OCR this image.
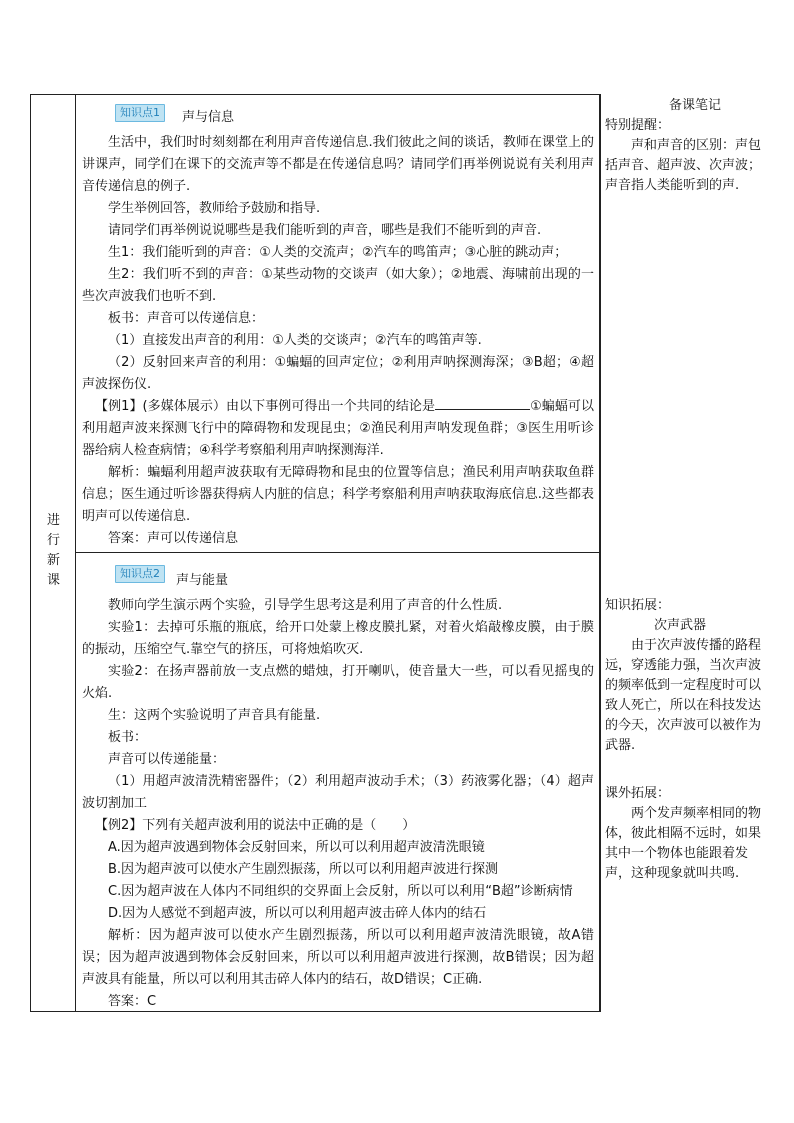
进
行
新
课
知识点1	声与信息

生活中，我们时时刻刻都在利用声音传递信息.我们彼此之间的谈话，教师在课堂上的讲课声，同学们在课下的交流声等不都是在传递信息吗？请同学们再举例说说有关利用声音传递信息的例子.

学生举例回答，教师给予鼓励和指导.

请同学们再举例说说哪些是我们能听到的声音，哪些是我们不能听到的声音.

生1：我们能听到的声音：①人类的交流声；②汽车的鸣笛声；③心脏的跳动声；

生2：我们听不到的声音：①某些动物的交谈声（如大象）；②地震、海啸前出现的一些次声波我们也听不到.

板书：声音可以传递信息：

（1）直接发出声音的利用：①人类的交谈声；②汽车的鸣笛声等.

（2）反射回来声音的利用：①蝙蝠的回声定位；②利用声呐探测海深；③B超；④超声波探伤仪.

【例1】(多媒体展示）由以下事例可得出一个共同的结论是	①蝙蝠可以利用超声波来探测飞行中的障碍物和发现昆虫；②渔民利用声呐发现鱼群；③医生用听诊器给病人检查病情；④科学考察船利用声呐探测海洋.

解析：蝙蝠利用超声波获取有无障碍物和昆虫的位置等信息；渔民利用声呐获取鱼群信息；医生通过听诊器获得病人内脏的信息；科学考察船利用声呐获取海底信息.这些都表明声可以传递信息.

答案：声可以传递信息

知识点2	声与能量

教师向学生演示两个实验，引导学生思考这是利用了声音的什么性质.

实验1：去掉可乐瓶的瓶底，给开口处蒙上橡皮膜扎紧，对着火焰敲橡皮膜，由于膜的振动，压缩空气.靠空气的挤压，可将烛焰吹灭.

实验2：在扬声器前放一支点燃的蜡烛，打开喇叭，使音量大一些，可以看见摇曳的火焰.

生：这两个实验说明了声音具有能量.

板书：

声音可以传递能量：

（1）用超声波清洗精密器件；（2）利用超声波动手术；（3）药液雾化器；（4）超声波切割加工

【例2】下列有关超声波利用的说法中正确的是（　　）

A.因为超声波遇到物体会反射回来，所以可以利用超声波清洗眼镜

B.因为超声波可以使水产生剧烈振荡，所以可以利用超声波进行探测

C.因为超声波在人体内不同组织的交界面上会反射，所以可以利用“B超”诊断病情

D.因为人感觉不到超声波，所以可以利用超声波击碎人体内的结石

解析：因为超声波可以使水产生剧烈振荡，所以可以利用超声波清洗眼镜，故A错误；因为超声波遇到物体会反射回来，所以可以利用超声波进行探测，故B错误；因为超声波具有能量，所以可以利用其击碎人体内的结石，故D错误；C正确.

答案：C

备课笔记

特别提醒：

声和声音的区别：声包括声音、超声波、次声波；声音指人类能听到的声.

知识拓展：

次声武器

由于次声波传播的路程远，穿透能力强，当次声波的频率低到一定程度时可以致人死亡，所以在科技发达的今天，次声波可以被作为武器.

课外拓展：

两个发声频率相同的物体，彼此相隔不远时，如果其中一个物体也能跟着发声，这种现象就叫共鸣.
